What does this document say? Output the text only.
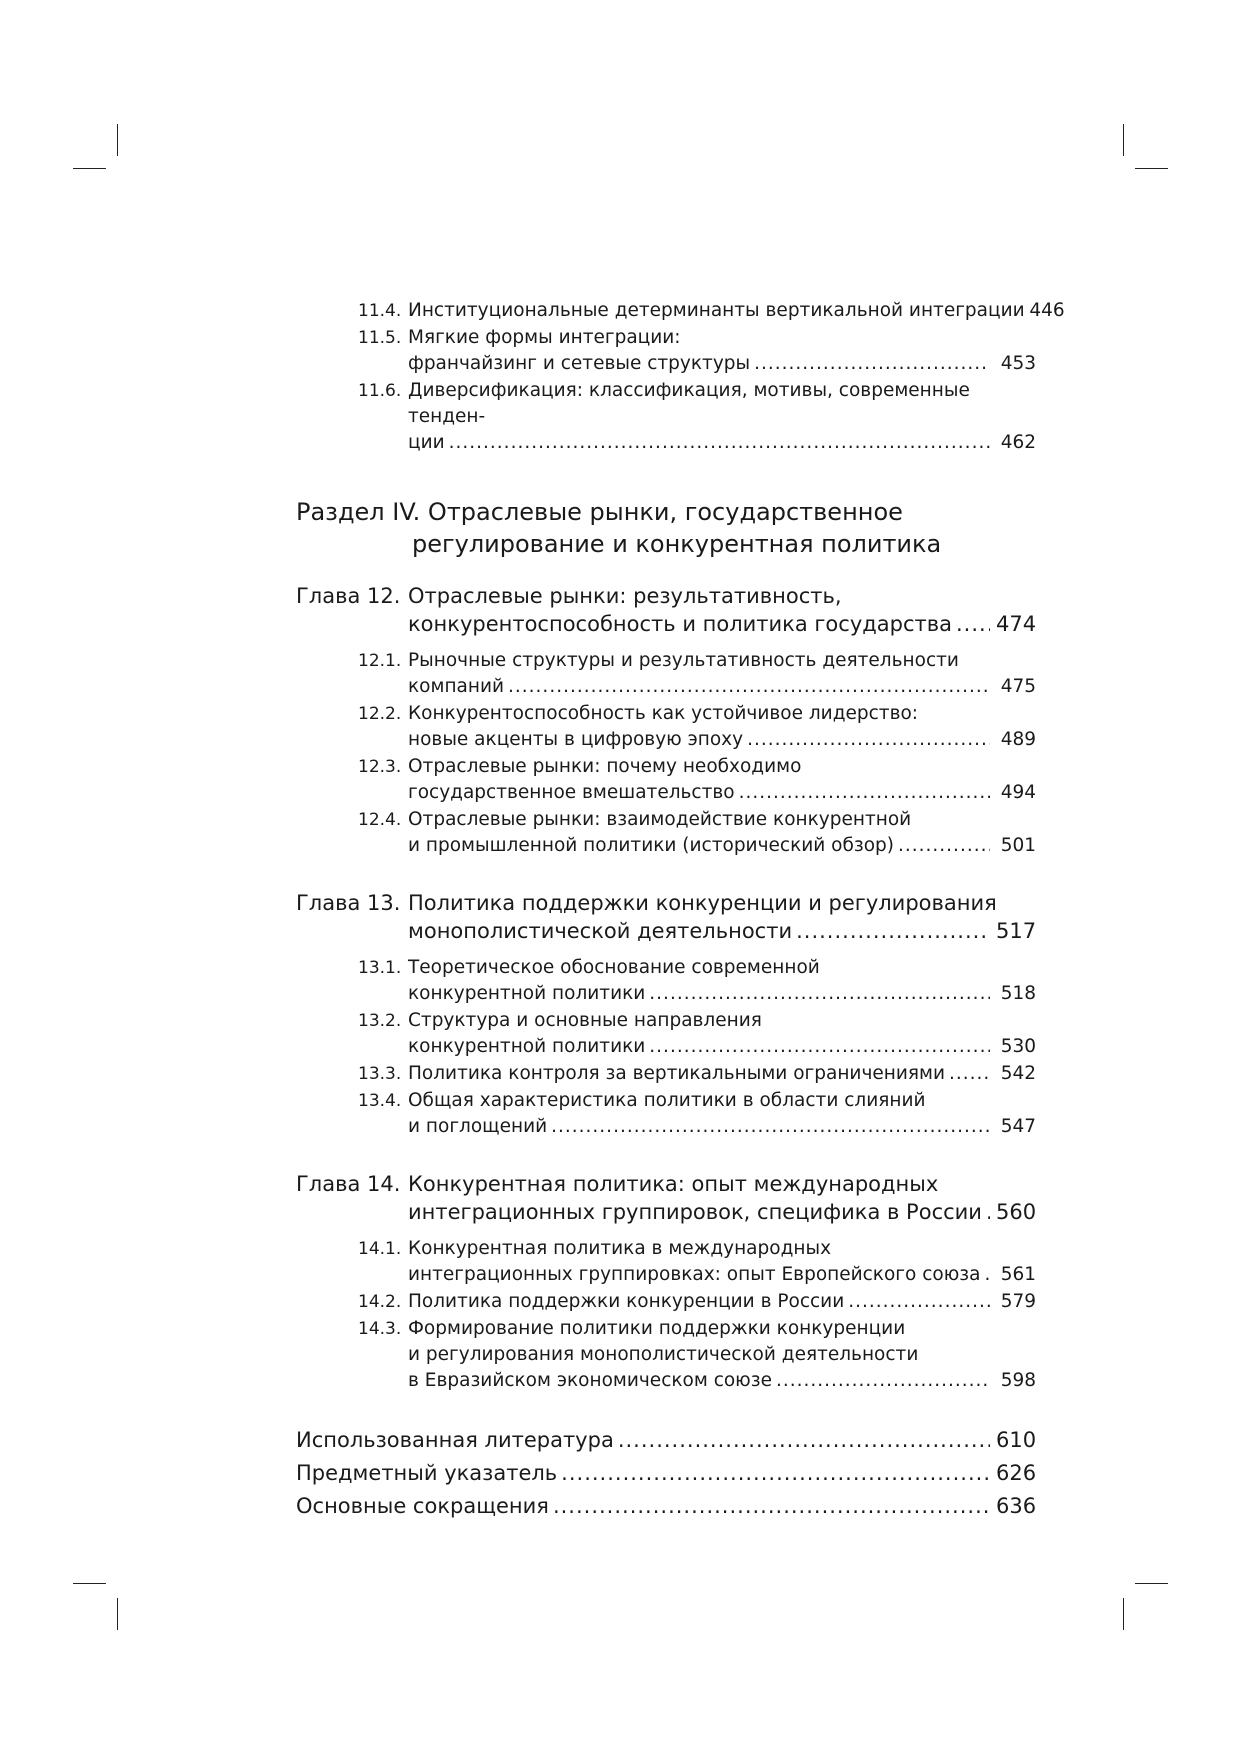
11.4. Институциональные детерминанты вертикальной интеграции 446
11.5. Мягкие формы интеграции:
франчайзинг и сетевые структуры .....	453
11.6. Диверсификация: классификация, мотивы, современные тенден-
ции .....	462
Раздел IV. Отраслевые рынки, государственное
регулирование и конкурентная политика
Глава 12. Отраслевые рынки: результативность,
конкурентоспособность и политика государства ..... 474
12.1. Рыночные структуры и результативность деятельности
компаний .....	475
12.2. Конкурентоспособность как устойчивое лидерство:
новые акценты в цифровую эпоху .....	489
12.3. Отраслевые рынки: почему необходимо
государственное вмешательство .....	494
12.4. Отраслевые рынки: взаимодействие конкурентной
и промышленной политики (исторический обзор) .....	501
Глава 13. Политика поддержки конкуренции и регулирования
монополистической деятельности .....	517
13.1. Теоретическое обоснование современной
конкурентной политики .....	518
13.2. Структура и основные направления
конкурентной политики .....	530
13.3. Политика контроля за вертикальными ограничениями .....	542
13.4. Общая характеристика политики в области слияний
и поглощений .....	547
Глава 14. Конкурентная политика: опыт международных
интеграционных группировок, специфика в России ..... 560
14.1. Конкурентная политика в международных
интеграционных группировках: опыт Европейского союза ..... 561
14.2. Политика поддержки конкуренции в России .....	579
14.3. Формирование политики поддержки конкуренции
и регулирования монополистической деятельности
в Евразийском экономическом союзе .....	598
Использованная литература .....	610
Предметный указатель .....	626
Основные сокращения .....	636
